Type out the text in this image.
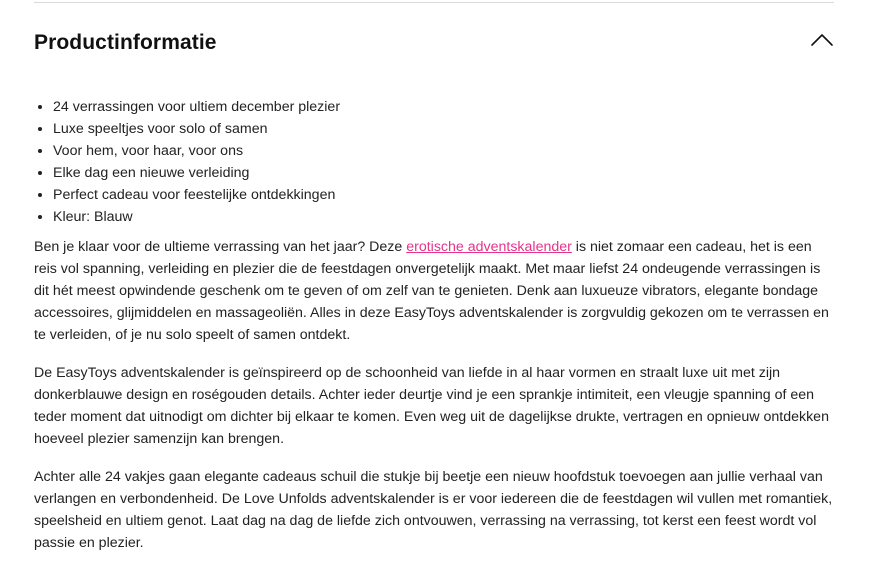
Productinformatie
• 24 verrassingen voor ultiem december plezier
• Luxe speeltjes voor solo of samen
• Voor hem, voor haar, voor ons
• Elke dag een nieuwe verleiding
• Perfect cadeau voor feestelijke ontdekkingen
• Kleur: Blauw

Ben je klaar voor de ultieme verrassing van het jaar? Deze erotische adventskalender is niet zomaar een cadeau, het is een reis vol spanning, verleiding en plezier die de feestdagen onvergetelijk maakt. Met maar liefst 24 ondeugende verrassingen is dit hét meest opwindende geschenk om te geven of om zelf van te genieten. Denk aan luxueuze vibrators, elegante bondage accessoires, glijmiddelen en massageoliën. Alles in deze EasyToys adventskalender is zorgvuldig gekozen om te verrassen en te verleiden, of je nu solo speelt of samen ontdekt.

De EasyToys adventskalender is geïnspireerd op de schoonheid van liefde in al haar vormen en straalt luxe uit met zijn donkerblauwe design en roségouden details. Achter ieder deurtje vind je een sprankje intimiteit, een vleugje spanning of een teder moment dat uitnodigt om dichter bij elkaar te komen. Even weg uit de dagelijkse drukte, vertragen en opnieuw ontdekken hoeveel plezier samenzijn kan brengen.

Achter alle 24 vakjes gaan elegante cadeaus schuil die stukje bij beetje een nieuw hoofdstuk toevoegen aan jullie verhaal van verlangen en verbondenheid. De Love Unfolds adventskalender is er voor iedereen die de feestdagen wil vullen met romantiek, speelsheid en ultiem genot. Laat dag na dag de liefde zich ontvouwen, verrassing na verrassing, tot kerst een feest wordt vol passie en plezier.
